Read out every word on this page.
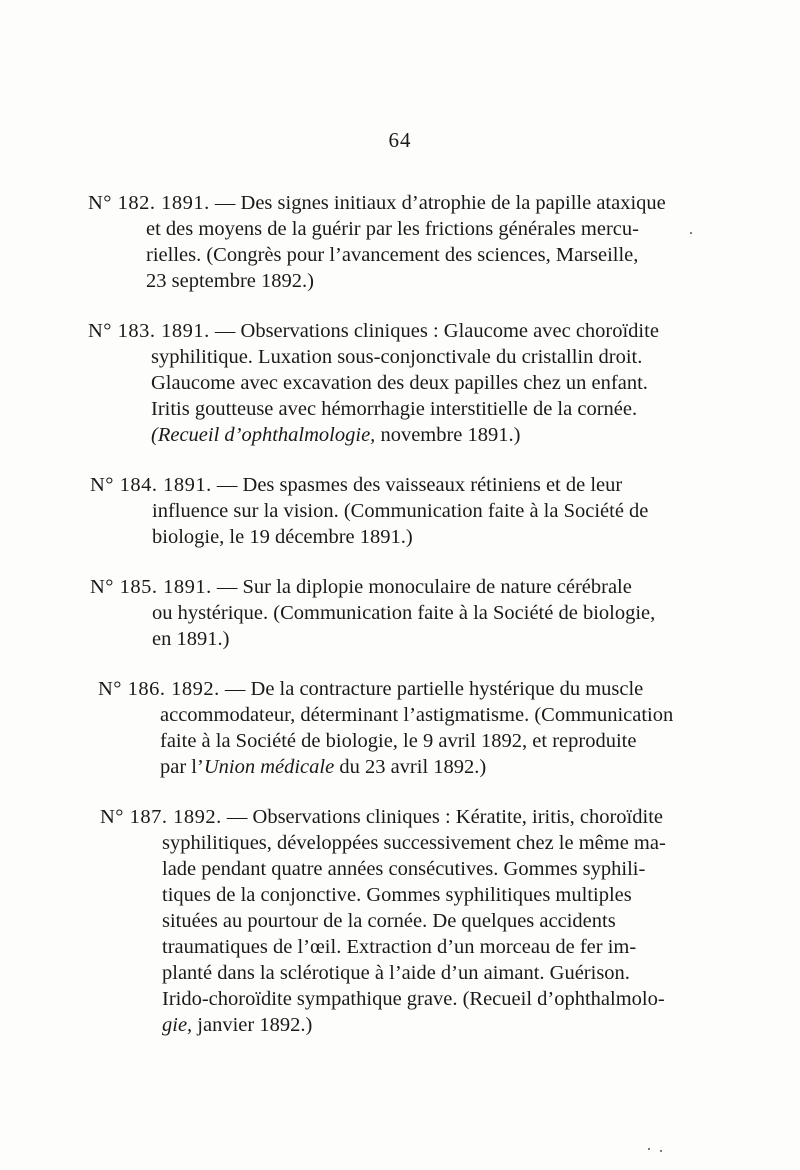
64
N° 182. 1891. — Des signes initiaux d’atrophie de la papille ataxique
et des moyens de la guérir par les frictions générales mercu-
rielles. (Congrès pour l’avancement des sciences, Marseille,
23 septembre 1892.)
N° 183. 1891. — Observations cliniques : Glaucome avec choroïdite
syphilitique. Luxation sous-conjonctivale du cristallin droit.
Glaucome avec excavation des deux papilles chez un enfant.
Iritis goutteuse avec hémorrhagie interstitielle de la cornée.
(Recueil d’ophthalmologie, novembre 1891.)
N° 184. 1891. — Des spasmes des vaisseaux rétiniens et de leur
influence sur la vision. (Communication faite à la Société de
biologie, le 19 décembre 1891.)
N° 185. 1891. — Sur la diplopie monoculaire de nature cérébrale
ou hystérique. (Communication faite à la Société de biologie,
en 1891.)
N° 186. 1892. — De la contracture partielle hystérique du muscle
accommodateur, déterminant l’astigmatisme. (Communication
faite à la Société de biologie, le 9 avril 1892, et reproduite
par l’Union médicale du 23 avril 1892.)
N° 187. 1892. — Observations cliniques : Kératite, iritis, choroïdite
syphilitiques, développées successivement chez le même ma-
lade pendant quatre années consécutives. Gommes syphili-
tiques de la conjonctive. Gommes syphilitiques multiples
situées au pourtour de la cornée. De quelques accidents
traumatiques de l’œil. Extraction d’un morceau de fer im-
planté dans la sclérotique à l’aide d’un aimant. Guérison.
Irido-choroïdite sympathique grave. (Recueil d’ophthalmolo-
gie, janvier 1892.)
